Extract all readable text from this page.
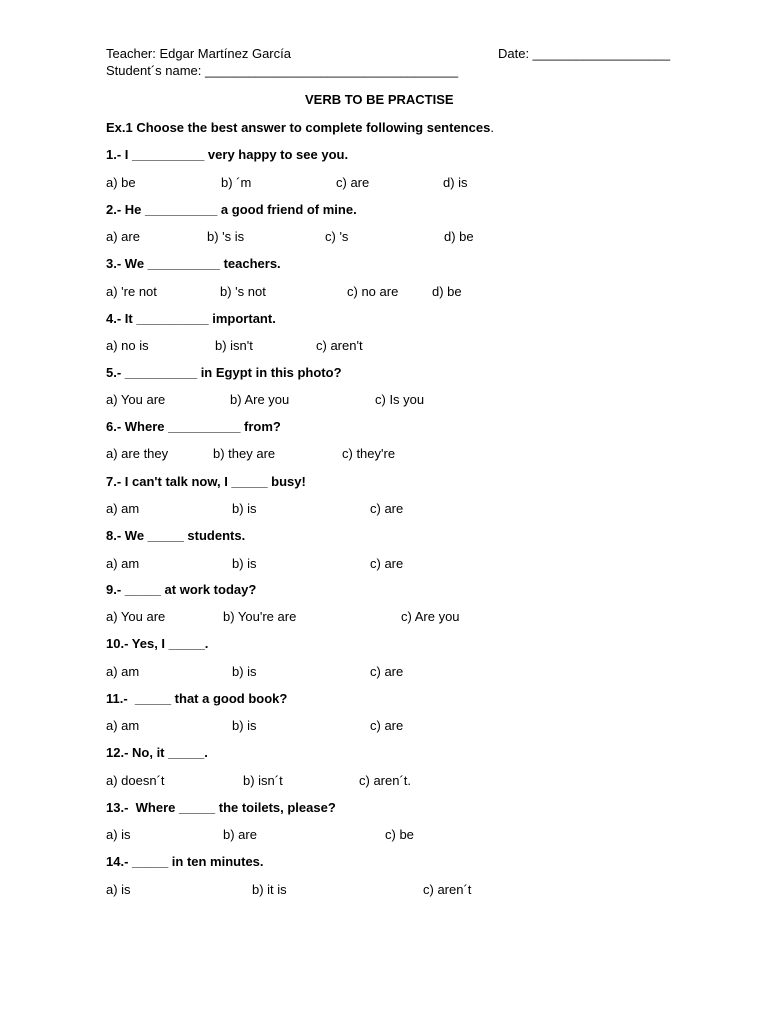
Teacher: Edgar Martínez García	Date: ___________________
Student´s name: ___________________________________
VERB TO BE PRACTISE
Ex.1 Choose the best answer to complete following sentences.
1.- I __________ very happy to see you.
a) be	b) ´m	c) are	d) is
2.- He __________ a good friend of mine.
a) are	b) 's is	c) 's	d) be
3.- We __________ teachers.
a) 're not	b) 's not	c) no are	d) be
4.- It __________ important.
a) no is	b) isn't	c) aren't
5.- __________ in Egypt in this photo?
a) You are	b) Are you	c) Is you
6.- Where __________ from?
a) are they	b) they are	c) they're
7.- I can't talk now, I _____ busy!
a) am	b) is	c) are
8.- We _____ students.
a) am	b) is	c) are
9.- _____ at work today?
a) You are	b) You're are	c) Are you
10.- Yes, I _____.
a) am	b) is	c) are
11.-  _____ that a good book?
a) am	b) is	c) are
12.- No, it _____.
a) doesn´t	b) isn´t	c) aren´t.
13.-  Where _____ the toilets, please?
a) is	b) are	c) be
14.- _____ in ten minutes.
a) is	b) it is	c) aren´t
